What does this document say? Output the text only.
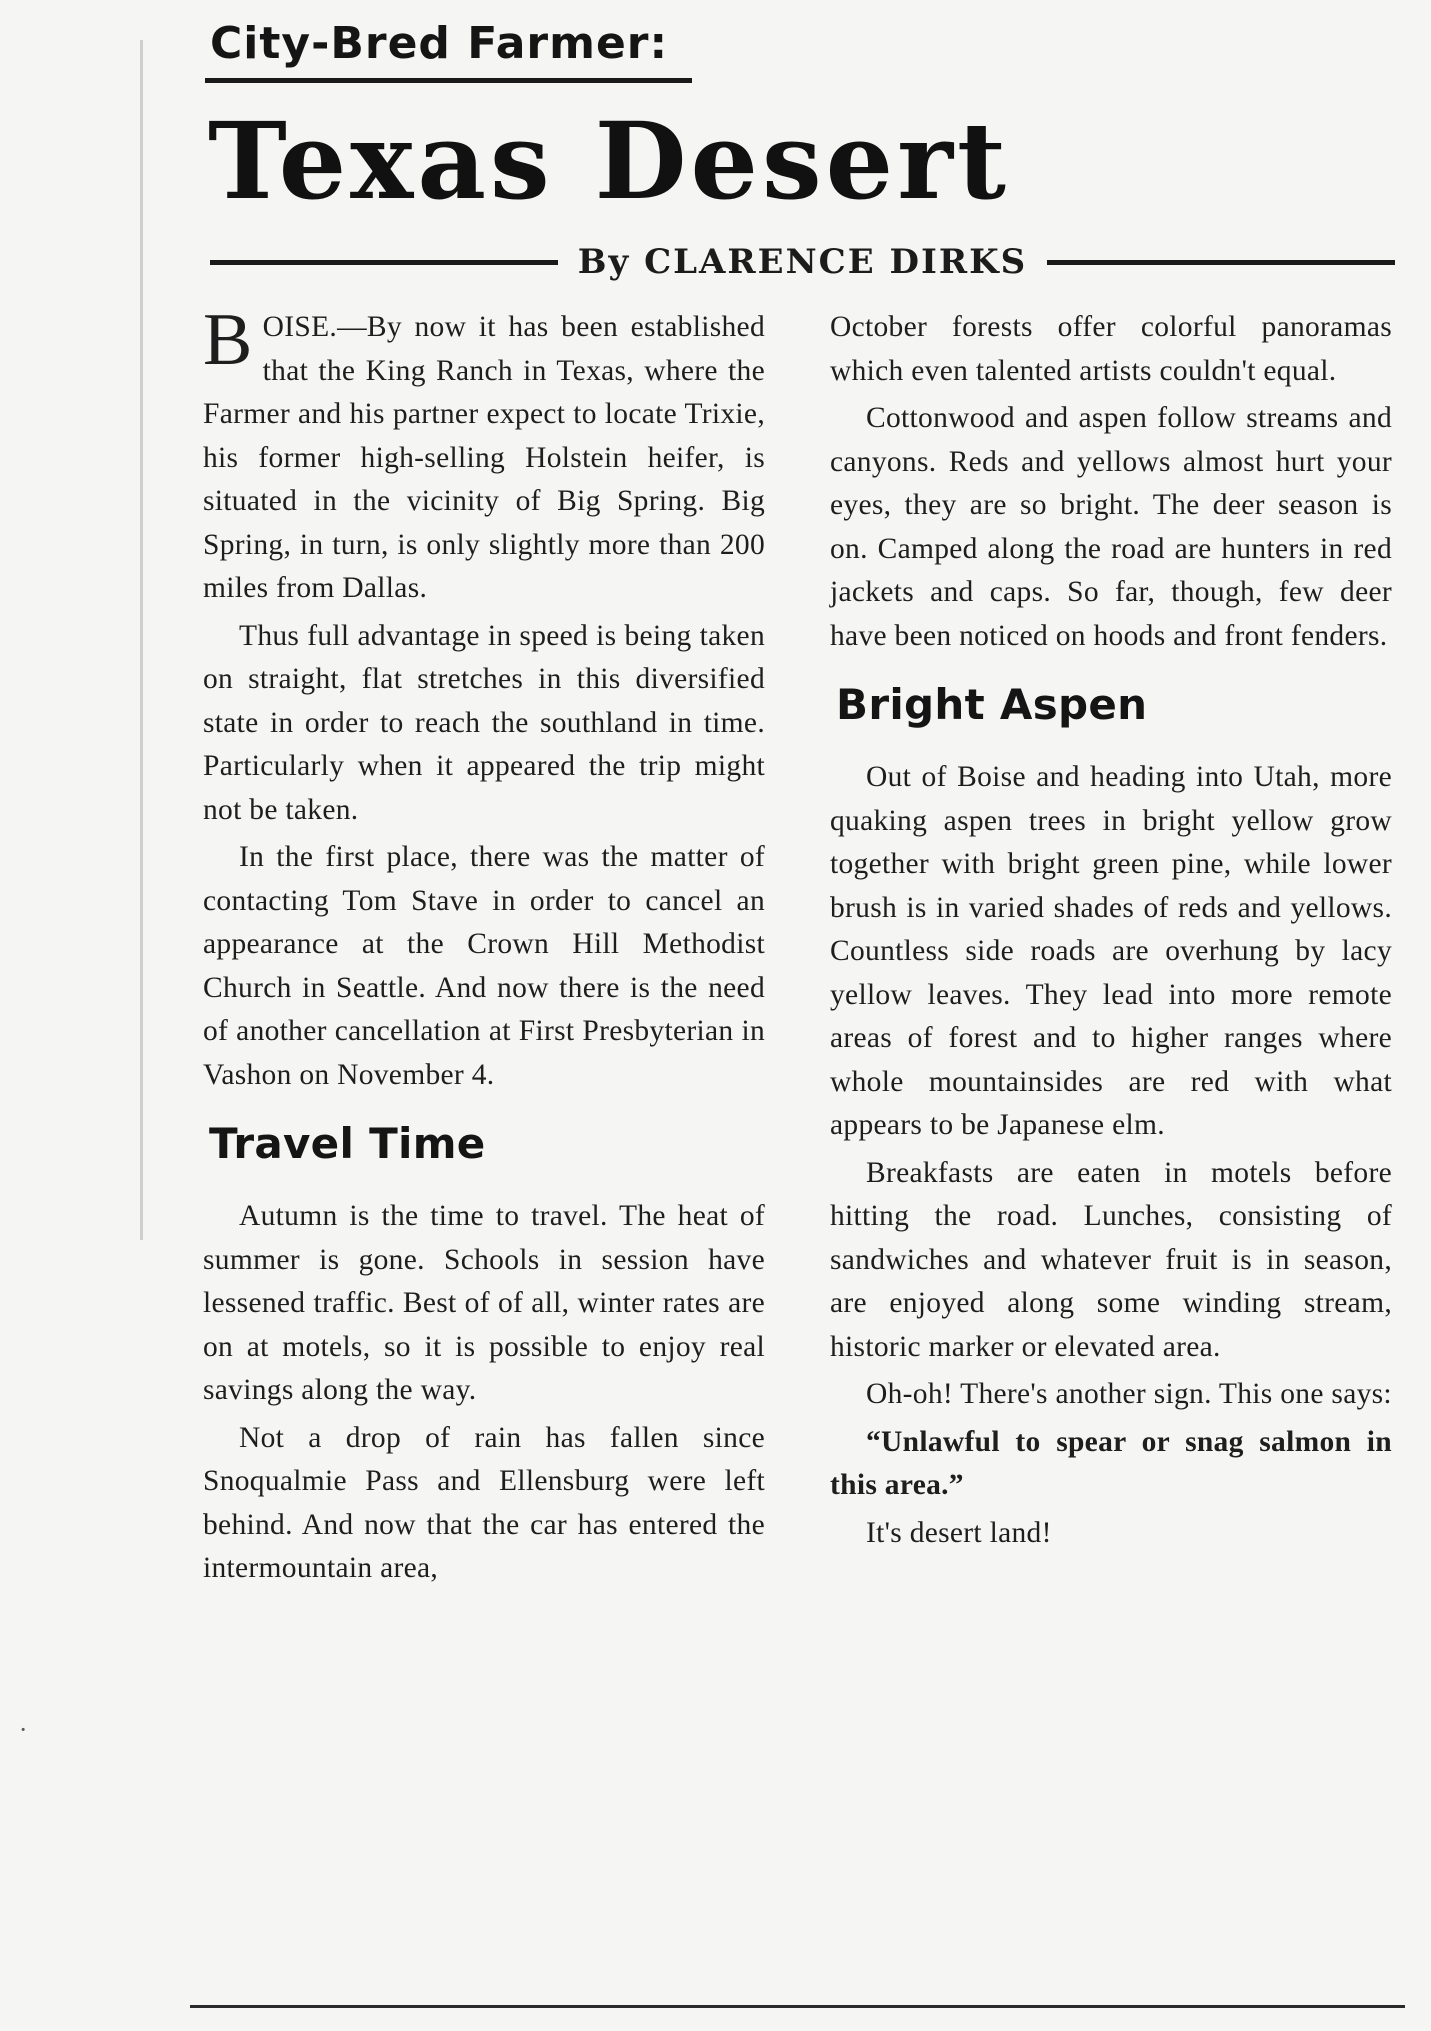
City-Bred Farmer:
Texas Desert
By CLARENCE DIRKS

BOISE.—By now it has been established that the King Ranch in Texas, where the Farmer and his partner expect to locate Trixie, his former high-selling Holstein heifer, is situated in the vicinity of Big Spring. Big Spring, in turn, is only slightly more than 200 miles from Dallas.

Thus full advantage in speed is being taken on straight, flat stretches in this diversified state in order to reach the southland in time. Particularly when it appeared the trip might not be taken.

In the first place, there was the matter of contacting Tom Stave in order to cancel an appearance at the Crown Hill Methodist Church in Seattle. And now there is the need of another cancellation at First Presbyterian in Vashon on November 4.

Travel Time

Autumn is the time to travel. The heat of summer is gone. Schools in session have lessened traffic. Best of of all, winter rates are on at motels, so it is possible to enjoy real savings along the way.

Not a drop of rain has fallen since Snoqualmie Pass and Ellensburg were left behind. And now that the car has entered the intermountain area,

October forests offer colorful panoramas which even talented artists couldn't equal.

Cottonwood and aspen follow streams and canyons. Reds and yellows almost hurt your eyes, they are so bright. The deer season is on. Camped along the road are hunters in red jackets and caps. So far, though, few deer have been noticed on hoods and front fenders.

Bright Aspen

Out of Boise and heading into Utah, more quaking aspen trees in bright yellow grow together with bright green pine, while lower brush is in varied shades of reds and yellows. Countless side roads are overhung by lacy yellow leaves. They lead into more remote areas of forest and to higher ranges where whole mountainsides are red with what appears to be Japanese elm.

Breakfasts are eaten in motels before hitting the road. Lunches, consisting of sandwiches and whatever fruit is in season, are enjoyed along some winding stream, historic marker or elevated area.

Oh-oh! There's another sign. This one says:

“Unlawful to spear or snag salmon in this area.”

It's desert land!

∙
